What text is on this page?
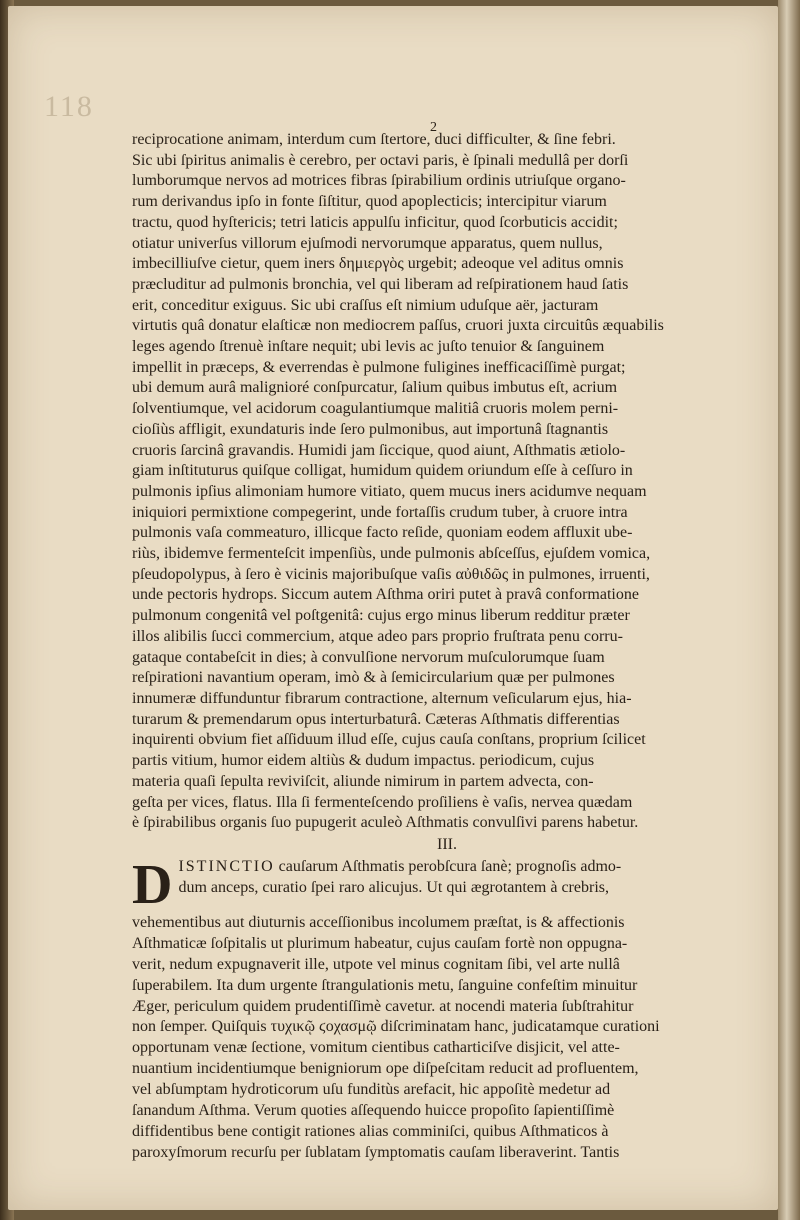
118
2
reciprocatione animam, interdum cum ſtertore, duci difficulter, & ſine febri.
Sic ubi ſpiritus animalis è cerebro, per octavi paris, è ſpinali medullâ per dorſi
lumborumque nervos ad motrices fibras ſpirabilium ordinis utriuſque organo-
rum derivandus ipſo in fonte ſiſtitur, quod apoplecticis; intercipitur viarum
tractu, quod hyſtericis; tetri laticis appulſu inficitur, quod ſcorbuticis accidit;
otiatur univerſus villorum ejuſmodi nervorumque apparatus, quem nullus,
imbecilliuſve cietur, quem iners δημιεργὸς urgebit; adeoque vel aditus omnis
præcluditur ad pulmonis bronchia, vel qui liberam ad reſpirationem haud ſatis
erit, conceditur exiguus. Sic ubi craſſus eſt nimium uduſque aër, jacturam
virtutis quâ donatur elaſticæ non mediocrem paſſus, cruori juxta circuitûs æquabilis
leges agendo ſtrenuè inſtare nequit; ubi levis ac juſto tenuior & ſanguinem
impellit in præceps, & everrendas è pulmone fuligines inefficaciſſimè purgat;
ubi demum aurâ malignioré conſpurcatur, ſalium quibus imbutus eſt, acrium
ſolventiumque, vel acidorum coagulantiumque malitiâ cruoris molem perni-
cioſiùs affligit, exundaturis inde ſero pulmonibus, aut importunâ ſtagnantis
cruoris ſarcinâ gravandis. Humidi jam ſiccique, quod aiunt, Aſthmatis ætiolo-
giam inſtituturus quiſque colligat, humidum quidem oriundum eſſe à ceſſuro in
pulmonis ipſius alimoniam humore vitiato, quem mucus iners acidumve nequam
iniquiori permixtione compegerint, unde fortaſſis crudum tuber, à cruore intra
pulmonis vaſa commeaturo, illicque facto reſide, quoniam eodem affluxit ube-
riùs, ibidemve fermenteſcit impenſiùs, unde pulmonis abſceſſus, ejuſdem vomica,
pſeudopolypus, à ſero è vicinis majoribuſque vaſis αὐθιδῶς in pulmones, irruenti,
unde pectoris hydrops. Siccum autem Aſthma oriri putet à pravâ conformatione
pulmonum congenitâ vel poſtgenitâ: cujus ergo minus liberum redditur præter
illos alibilis ſucci commercium, atque adeo pars proprio fruſtrata penu corru-
gataque contabeſcit in dies; à convulſione nervorum muſculorumque ſuam
reſpirationi navantium operam, imò & à ſemicircularium quæ per pulmones
innumeræ diffunduntur fibrarum contractione, alternum veſicularum ejus, hia-
turarum & premendarum opus interturbaturâ. Cæteras Aſthmatis differentias
inquirenti obvium fiet aſſiduum illud eſſe, cujus cauſa conſtans, proprium ſcilicet
partis vitium, humor eidem altiùs & dudum impactus. periodicum, cujus
materia quaſi ſepulta reviviſcit, aliunde nimirum in partem advecta, con-
geſta per vices, flatus. Illa ſi fermenteſcendo proſiliens è vaſis, nervea quædam
è ſpirabilibus organis ſuo pupugerit aculeò Aſthmatis convulſivi parens habetur.
III.
D ISTINCTIO cauſarum Aſthmatis perobſcura ſanè; prognoſis admo-
dum anceps, curatio ſpei raro alicujus. Ut qui ægrotantem à crebris,
vehementibus aut diuturnis acceſſionibus incolumem præſtat, is & affectionis
Aſthmaticæ ſoſpitalis ut plurimum habeatur, cujus cauſam fortè non oppugna-
verit, nedum expugnaverit ille, utpote vel minus cognitam ſibi, vel arte nullâ
ſuperabilem. Ita dum urgente ſtrangulationis metu, ſanguine confeſtim minuitur
Æger, periculum quidem prudentiſſimè cavetur. at nocendi materia ſubſtrahitur
non ſemper. Quiſquis τυχικῷ ϛοχασμῷ diſcriminatam hanc, judicatamque curationi
opportunam venæ ſectione, vomitum cientibus catharticiſve disjicit, vel atte-
nuantium incidentiumque benigniorum ope diſpeſcitam reducit ad profluentem,
vel abſumptam hydroticorum uſu funditùs arefacit, hic appoſitè medetur ad
ſanandum Aſthma. Verum quoties aſſequendo huicce propoſito ſapientiſſimè
diffidentibus bene contigit rationes alias comminiſci, quibus Aſthmaticos à
paroxyſmorum recurſu per ſublatam ſymptomatis cauſam liberaverint. Tantis
